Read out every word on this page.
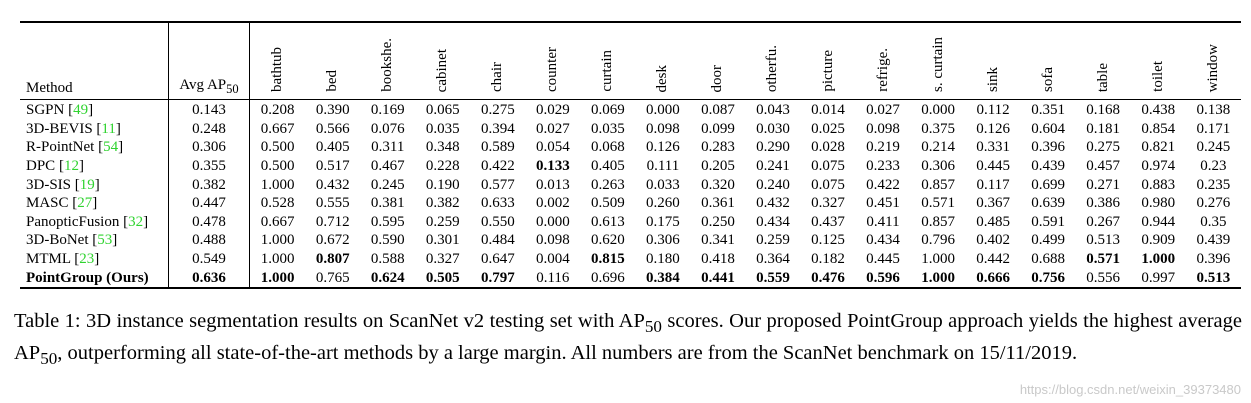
Method	Avg $AP_{50}$	bathtub	bed	bookshe.	cabinet	chair	counter	curtain	desk	door	otherfu.	picture	refrige.	s. curtain	sink	sofa	table	toilet	window
SGPN [49]	0.143	0.208	0.390	0.169	0.065	0.275	0.029	0.069	0.000	0.087	0.043	0.014	0.027	0.000	0.112	0.351	0.168	0.438	0.138
3D-BEVIS [11]	0.248	0.667	0.566	0.076	0.035	0.394	0.027	0.035	0.098	0.099	0.030	0.025	0.098	0.375	0.126	0.604	0.181	0.854	0.171
R-PointNet [54]	0.306	0.500	0.405	0.311	0.348	0.589	0.054	0.068	0.126	0.283	0.290	0.028	0.219	0.214	0.331	0.396	0.275	0.821	0.245
DPC [12]	0.355	0.500	0.517	0.467	0.228	0.422	0.133	0.405	0.111	0.205	0.241	0.075	0.233	0.306	0.445	0.439	0.457	0.974	0.23
3D-SIS [19]	0.382	1.000	0.432	0.245	0.190	0.577	0.013	0.263	0.033	0.320	0.240	0.075	0.422	0.857	0.117	0.699	0.271	0.883	0.235
MASC [27]	0.447	0.528	0.555	0.381	0.382	0.633	0.002	0.509	0.260	0.361	0.432	0.327	0.451	0.571	0.367	0.639	0.386	0.980	0.276
PanopticFusion [32]	0.478	0.667	0.712	0.595	0.259	0.550	0.000	0.613	0.175	0.250	0.434	0.437	0.411	0.857	0.485	0.591	0.267	0.944	0.35
3D-BoNet [53]	0.488	1.000	0.672	0.590	0.301	0.484	0.098	0.620	0.306	0.341	0.259	0.125	0.434	0.796	0.402	0.499	0.513	0.909	0.439
MTML [23]	0.549	1.000	0.807	0.588	0.327	0.647	0.004	0.815	0.180	0.418	0.364	0.182	0.445	1.000	0.442	0.688	0.571	1.000	0.396
PointGroup (Ours)	0.636	1.000	0.765	0.624	0.505	0.797	0.116	0.696	0.384	0.441	0.559	0.476	0.596	1.000	0.666	0.756	0.556	0.997	0.513
Table 1: 3D instance segmentation results on ScanNet v2 testing set with $AP_{50}$ scores. Our proposed PointGroup approach yields the highest average $AP_{50}$, outperforming all state-of-the-art methods by a large margin. All numbers are from the ScanNet benchmark on 15/11/2019.
https://blog.csdn.net/weixin_39373480
